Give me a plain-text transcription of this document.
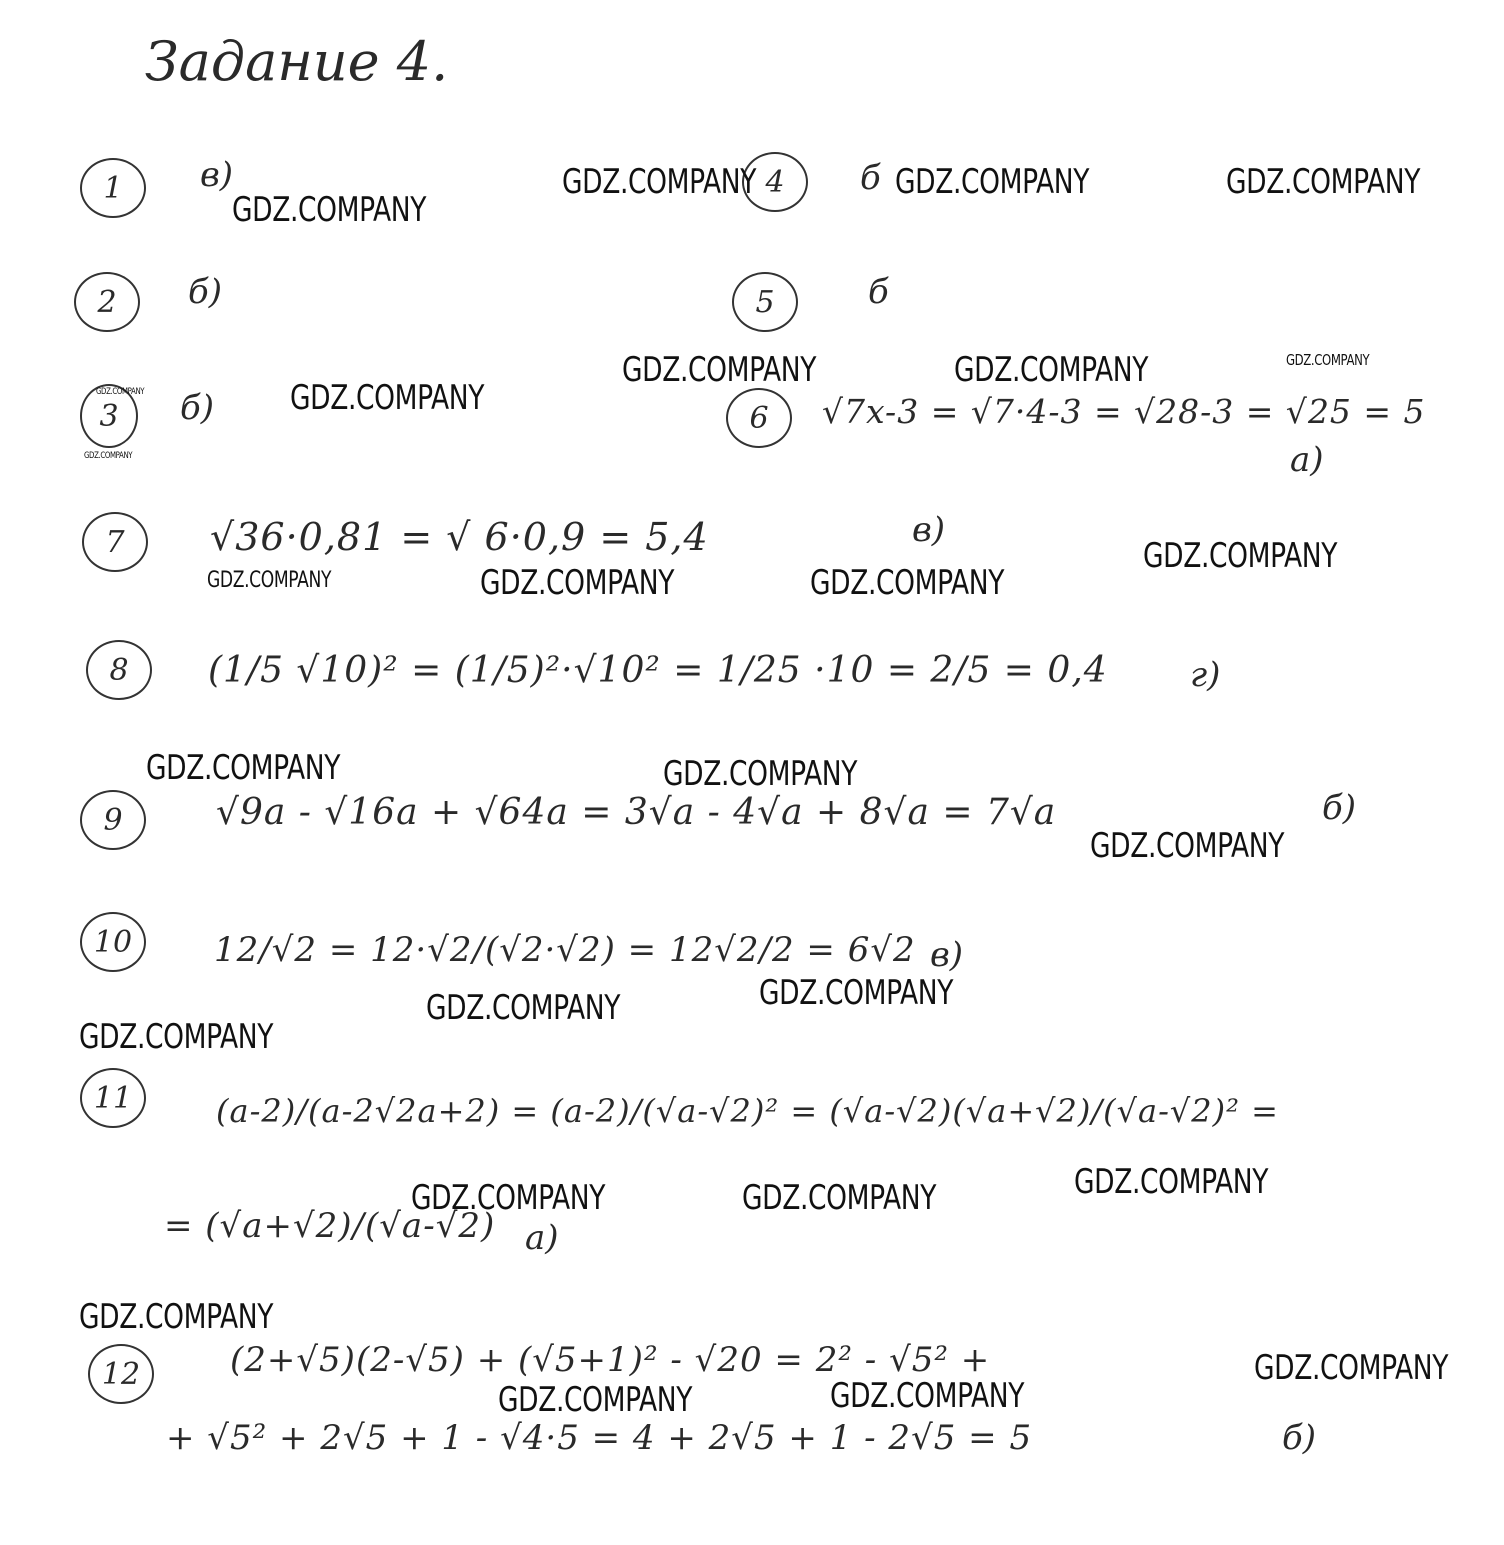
Задание 4.
1	в)	4	б
2	б)	5	б
3	б)	6	√7x-3 = √7·4-3 = √28-3 = √25 = 5
а)
7	√36·0,81 = √ 6·0,9 = 5,4	в)
8	(1/5 √10)² = (1/5)²·√10² = 1/25 ·10 = 2/5 = 0,4 г)
9	√9a - √16a + √64a = 3√a - 4√a + 8√a = 7√a	б)
10	12/√2 = 12·√2/(√2·√2) = 12√2/2 = 6√2 в)
11	(a-2)/(a-2√2a+2) = (a-2)/(√a-√2)² = (√a-√2)(√a+√2)/(√a-√2)² =
= (√a+√2)/(√a-√2) а)
12	(2+√5)(2-√5) + (√5+1)² - √20 = 2² - √5² +
+ √5² + 2√5 + 1 - √4·5 = 4 + 2√5 + 1 - 2√5 = 5	б)
GDZ.COMPANY
GDZ.COMPANY	GDZ.COMPANY	GDZ.COMPANY
GDZ.COMPANY
GDZ.COMPANY	GDZ.COMPANY	GDZ.COMPANY
GDZ.COMPANY
GDZ.COMPANY
GDZ.COMPANY	GDZ.COMPANY	GDZ.COMPANY
GDZ.COMPANY
GDZ.COMPANY	GDZ.COMPANY
GDZ.COMPANY
GDZ.COMPANY	GDZ.COMPANY
GDZ.COMPANY
GDZ.COMPANY	GDZ.COMPANY	GDZ.COMPANY
GDZ.COMPANY
GDZ.COMPANY
GDZ.COMPANY	GDZ.COMPANY
